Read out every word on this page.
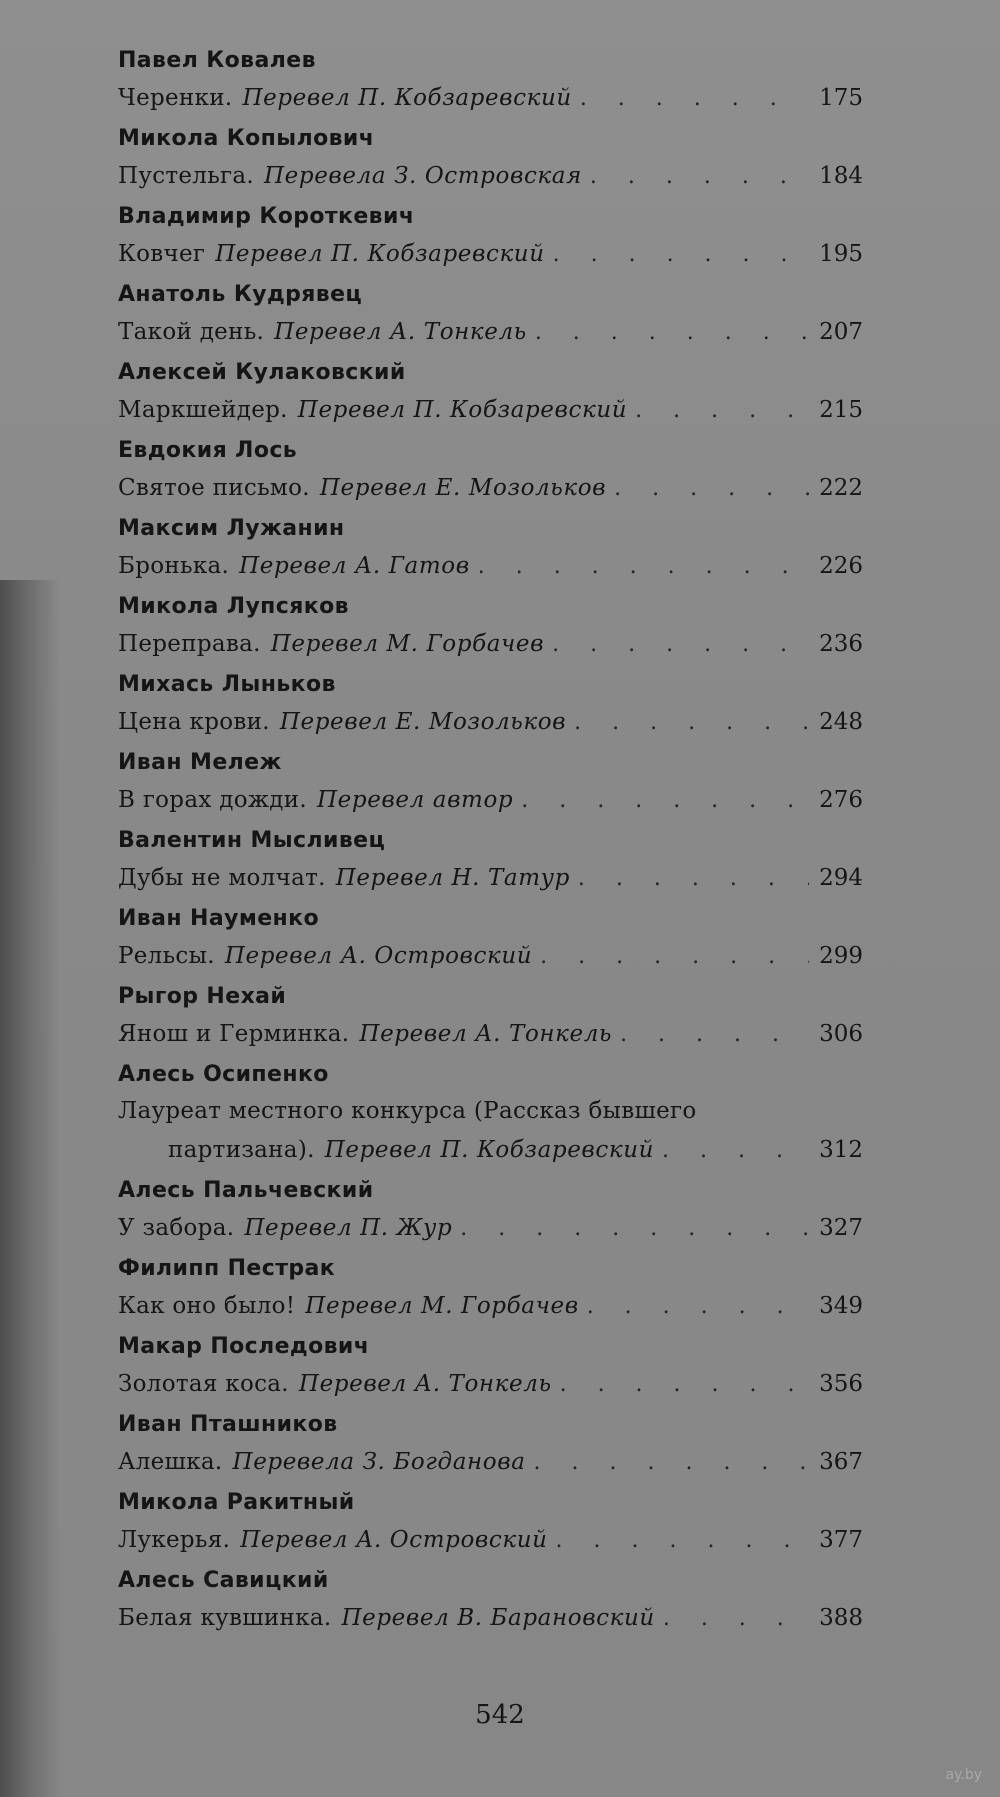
Павел Ковалев
Черенки. Перевел П. Кобзаревский . . .	175
Микола Копылович
Пустельга. Перевела З. Островская . . .	184
Владимир Короткевич
Ковчег Перевел П. Кобзаревский . . .	195
Анатоль Кудрявец
Такой день. Перевел А. Тонкель . . .	207
Алексей Кулаковский
Маркшейдер. Перевел П. Кобзаревский . . .	215
Евдокия Лось
Святое письмо. Перевел Е. Мозольков . . .	222
Максим Лужанин
Бронька. Перевел А. Гатов . . .	226
Микола Лупсяков
Переправа. Перевел М. Горбачев . . .	236
Михась Лыньков
Цена крови. Перевел Е. Мозольков . . .	248
Иван Мележ
В горах дожди. Перевел автор . . .	276
Валентин Мысливец
Дубы не молчат. Перевел Н. Татур . . .	294
Иван Науменко
Рельсы. Перевел А. Островский . . .	299
Рыгор Нехай
Янош и Герминка. Перевел А. Тонкель . . .	306
Алесь Осипенко
Лауреат местного конкурса (Рассказ бывшего
партизана). Перевел П. Кобзаревский . . .	312
Алесь Пальчевский
У забора. Перевел П. Жур . . .	327
Филипп Пестрак
Как оно было! Перевел М. Горбачев . . .	349
Макар Последович
Золотая коса. Перевел А. Тонкель . . .	356
Иван Пташников
Алешка. Перевела З. Богданова . . .	367
Микола Ракитный
Лукерья. Перевел А. Островский . . .	377
Алесь Савицкий
Белая кувшинка. Перевел В. Барановский . . .	388
542
ay.by
